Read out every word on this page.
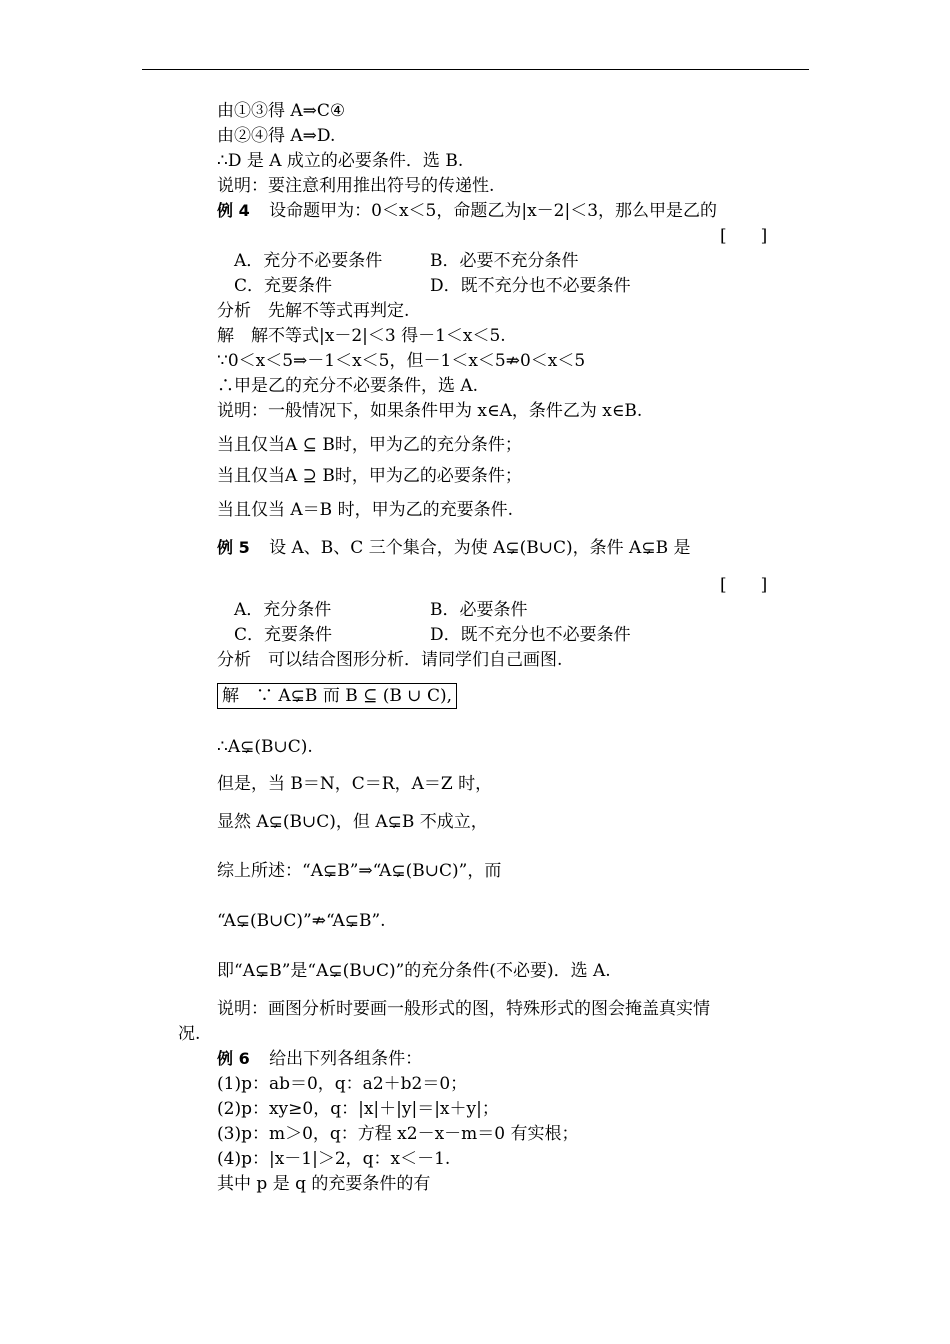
由①③得 A⇒C④
由②④得 A⇒D.
∴D 是 A 成立的必要条件．选 B.
说明：要注意利用推出符号的传递性.
例 4 设命题甲为：0＜x＜5，命题乙为|x－2|＜3，那么甲是乙的
[　　]
A．充分不必要条件	B．必要不充分条件
C．充要条件	D．既不充分也不必要条件
分析　先解不等式再判定.
解　解不等式|x－2|＜3 得－1＜x＜5.
∵0＜x＜5⇒－1＜x＜5，但－1＜x＜5⇏0＜x＜5
∴甲是乙的充分不必要条件，选 A.
说明：一般情况下，如果条件甲为 x∈A，条件乙为 x∈B.
当且仅当A ⊆ B时，甲为乙的充分条件；
当且仅当A ⊇ B时，甲为乙的必要条件；
当且仅当 A＝B 时，甲为乙的充要条件.
例 5 设 A、B、C 三个集合，为使 A⊊(B∪C)，条件 A⊊B 是
[　　]
A．充分条件	B．必要条件
C．充要条件	D．既不充分也不必要条件
分析　可以结合图形分析．请同学们自己画图.
解　∵ A⊊B 而 B ⊆ (B ∪ C),
∴A⊊(B∪C).
但是，当 B＝N，C＝R，A＝Z 时，
显然 A⊊(B∪C)，但 A⊊B 不成立，
综上所述：“A⊊B”⇒“A⊊(B∪C)”，而
“A⊊(B∪C)”⇏“A⊊B”.
即“A⊊B”是“A⊊(B∪C)”的充分条件(不必要)．选 A.
说明：画图分析时要画一般形式的图，特殊形式的图会掩盖真实情
况.
例 6 给出下列各组条件：
(1)p：ab＝0，q：a2＋b2＝0；
(2)p：xy≥0，q：|x|＋|y|＝|x＋y|；
(3)p：m＞0，q：方程 x2－x－m＝0 有实根；
(4)p：|x－1|＞2，q：x＜－1.
其中 p 是 q 的充要条件的有
